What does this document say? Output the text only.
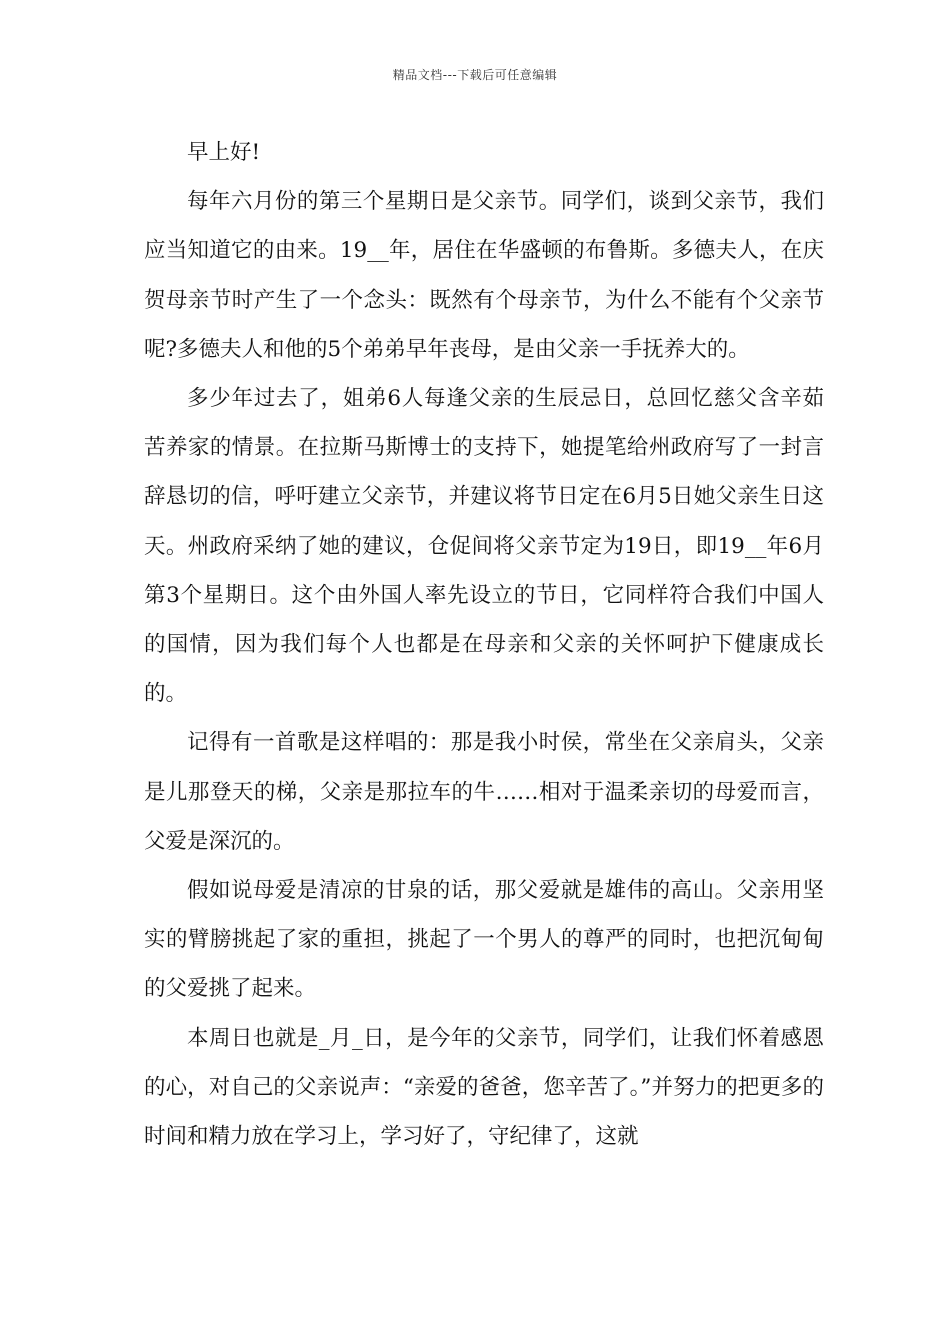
精品文档---下载后可任意编辑

早上好!

每年六月份的第三个星期日是父亲节。同学们，谈到父亲节，我们应当知道它的由来。19__年，居住在华盛顿的布鲁斯。多德夫人，在庆贺母亲节时产生了一个念头：既然有个母亲节，为什么不能有个父亲节呢?多德夫人和他的5个弟弟早年丧母，是由父亲一手抚养大的。

多少年过去了，姐弟6人每逢父亲的生辰忌日，总回忆慈父含辛茹苦养家的情景。在拉斯马斯博士的支持下，她提笔给州政府写了一封言辞恳切的信，呼吁建立父亲节，并建议将节日定在6月5日她父亲生日这天。州政府采纳了她的建议，仓促间将父亲节定为19日，即19__年6月第3个星期日。这个由外国人率先设立的节日，它同样符合我们中国人的国情，因为我们每个人也都是在母亲和父亲的关怀呵护下健康成长的。

记得有一首歌是这样唱的：那是我小时侯，常坐在父亲肩头，父亲是儿那登天的梯，父亲是那拉车的牛……相对于温柔亲切的母爱而言，父爱是深沉的。

假如说母爱是清凉的甘泉的话，那父爱就是雄伟的高山。父亲用坚实的臂膀挑起了家的重担，挑起了一个男人的尊严的同时，也把沉甸甸的父爱挑了起来。

本周日也就是_月_日，是今年的父亲节，同学们，让我们怀着感恩的心，对自己的父亲说声：“亲爱的爸爸，您辛苦了。”并努力的把更多的时间和精力放在学习上，学习好了，守纪律了，这就
